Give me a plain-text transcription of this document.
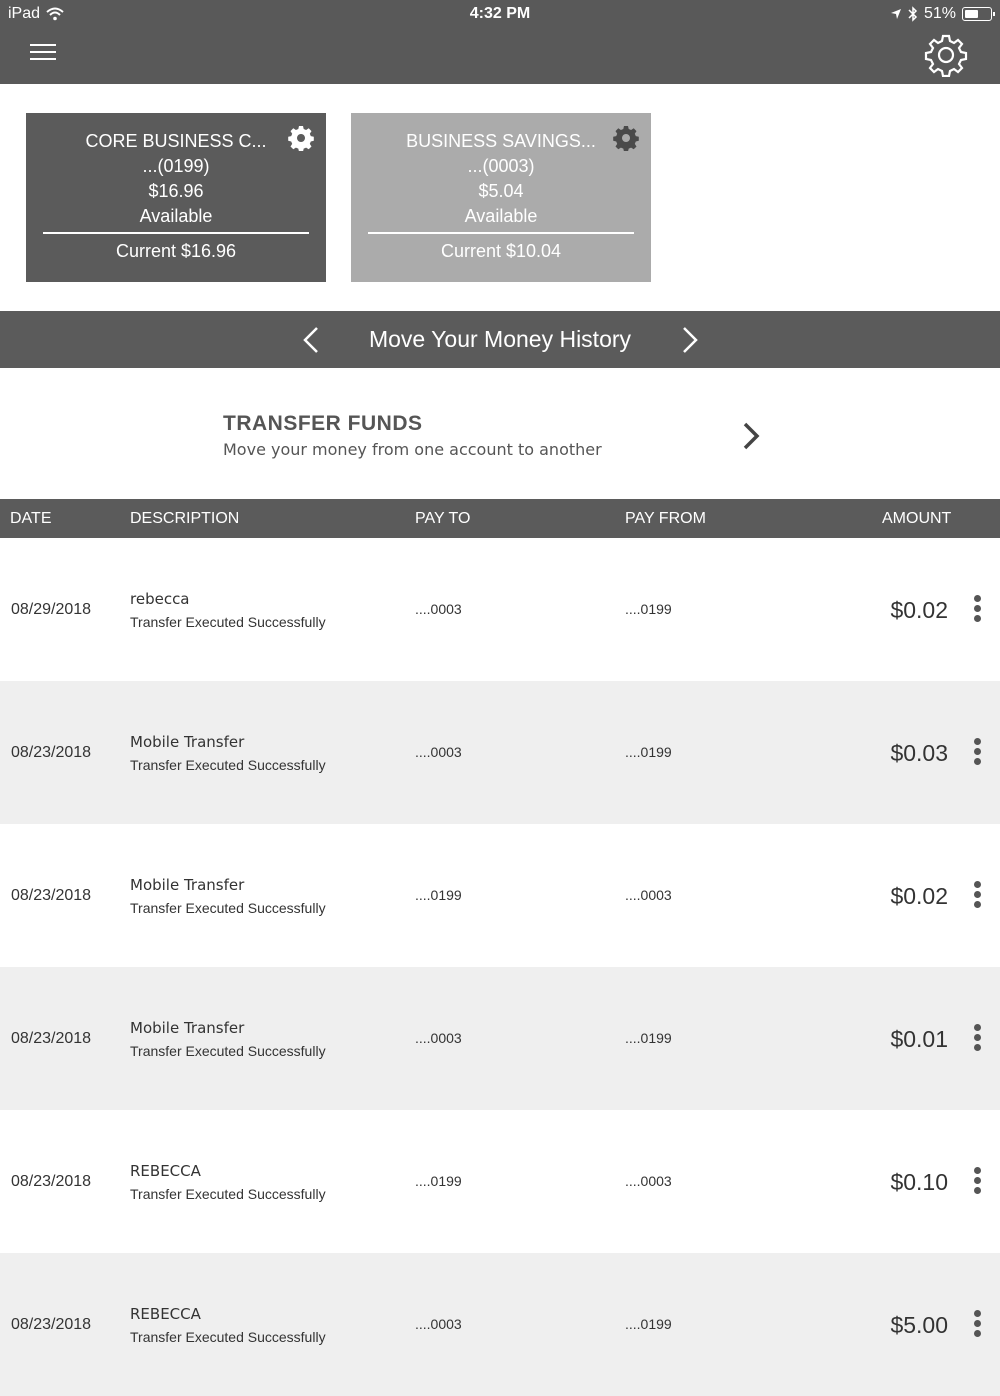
iPad	4:32 PM	51%
CORE BUSINESS C...
...(0199)
$16.96
Available
Current $16.96
BUSINESS SAVINGS...
...(0003)
$5.04
Available
Current $10.04
Move Your Money History
TRANSFER FUNDS
Move your money from one account to another
DATE	DESCRIPTION	PAY TO	PAY FROM	AMOUNT
08/29/2018
rebecca
Transfer Executed Successfully
....0003	....0199	$0.02
08/23/2018
Mobile Transfer
Transfer Executed Successfully
....0003	....0199	$0.03
08/23/2018
Mobile Transfer
Transfer Executed Successfully
....0199	....0003	$0.02
08/23/2018
Mobile Transfer
Transfer Executed Successfully
....0003	....0199	$0.01
08/23/2018
REBECCA
Transfer Executed Successfully
....0199	....0003	$0.10
08/23/2018
REBECCA
Transfer Executed Successfully
....0003	....0199	$5.00
